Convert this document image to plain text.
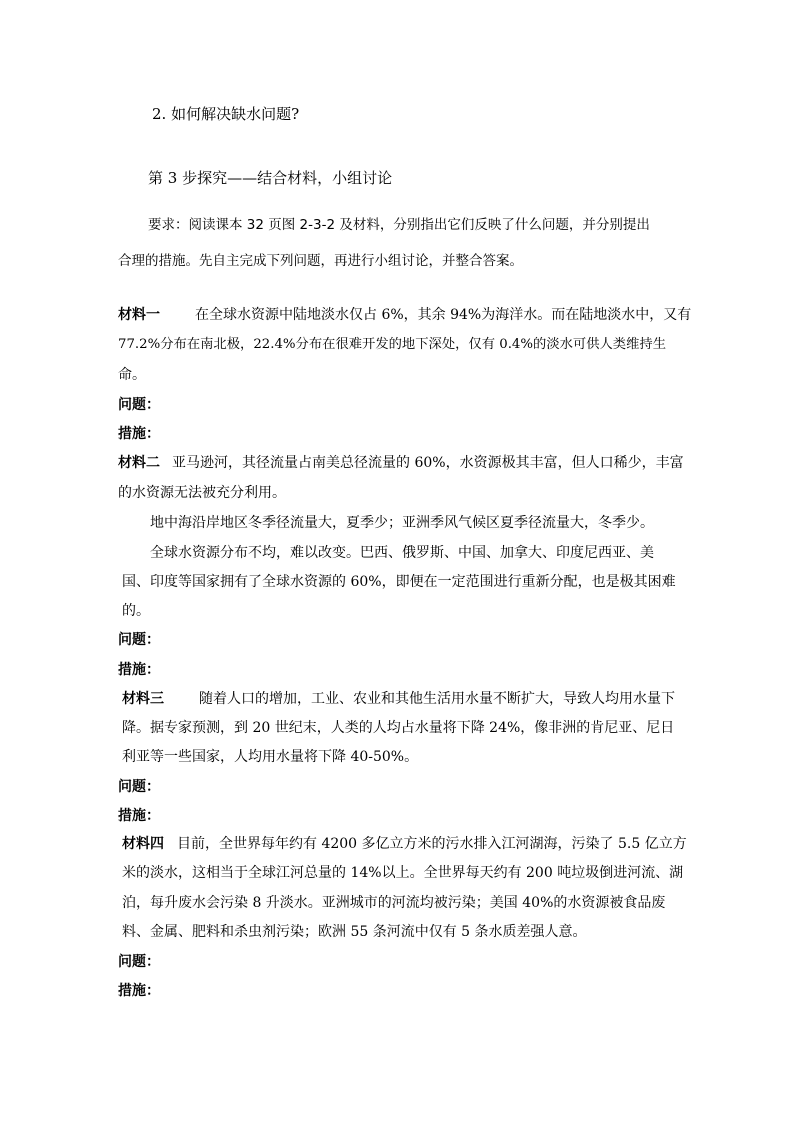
2. 如何解决缺水问题?
第 3 步探究——结合材料，小组讨论
要求：阅读课本 32 页图 2-3-2 及材料，分别指出它们反映了什么问题，并分别提出
合理的措施。先自主完成下列问题，再进行小组讨论，并整合答案。
材料一	在全球水资源中陆地淡水仅占 6%，其余 94%为海洋水。而在陆地淡水中，又有
77.2%分布在南北极，22.4%分布在很难开发的地下深处，仅有 0.4%的淡水可供人类维持生
命。
问题：
措施：
材料二 亚马逊河，其径流量占南美总径流量的 60%，水资源极其丰富，但人口稀少，丰富
的水资源无法被充分利用。
地中海沿岸地区冬季径流量大，夏季少；亚洲季风气候区夏季径流量大，冬季少。
全球水资源分布不均，难以改变。巴西、俄罗斯、中国、加拿大、印度尼西亚、美
国、印度等国家拥有了全球水资源的 60%，即便在一定范围进行重新分配，也是极其困难
的。
问题：
措施：
材料三	随着人口的增加，工业、农业和其他生活用水量不断扩大，导致人均用水量下
降。据专家预测，到 20 世纪末，人类的人均占水量将下降 24%，像非洲的肯尼亚、尼日
利亚等一些国家，人均用水量将下降 40-50%。
问题：
措施：
材料四 目前，全世界每年约有 4200 多亿立方米的污水排入江河湖海，污染了 5.5 亿立方
米的淡水，这相当于全球江河总量的 14%以上。全世界每天约有 200 吨垃圾倒进河流、湖
泊，每升废水会污染 8 升淡水。亚洲城市的河流均被污染；美国 40%的水资源被食品废
料、金属、肥料和杀虫剂污染；欧洲 55 条河流中仅有 5 条水质差强人意。
问题：
措施：
